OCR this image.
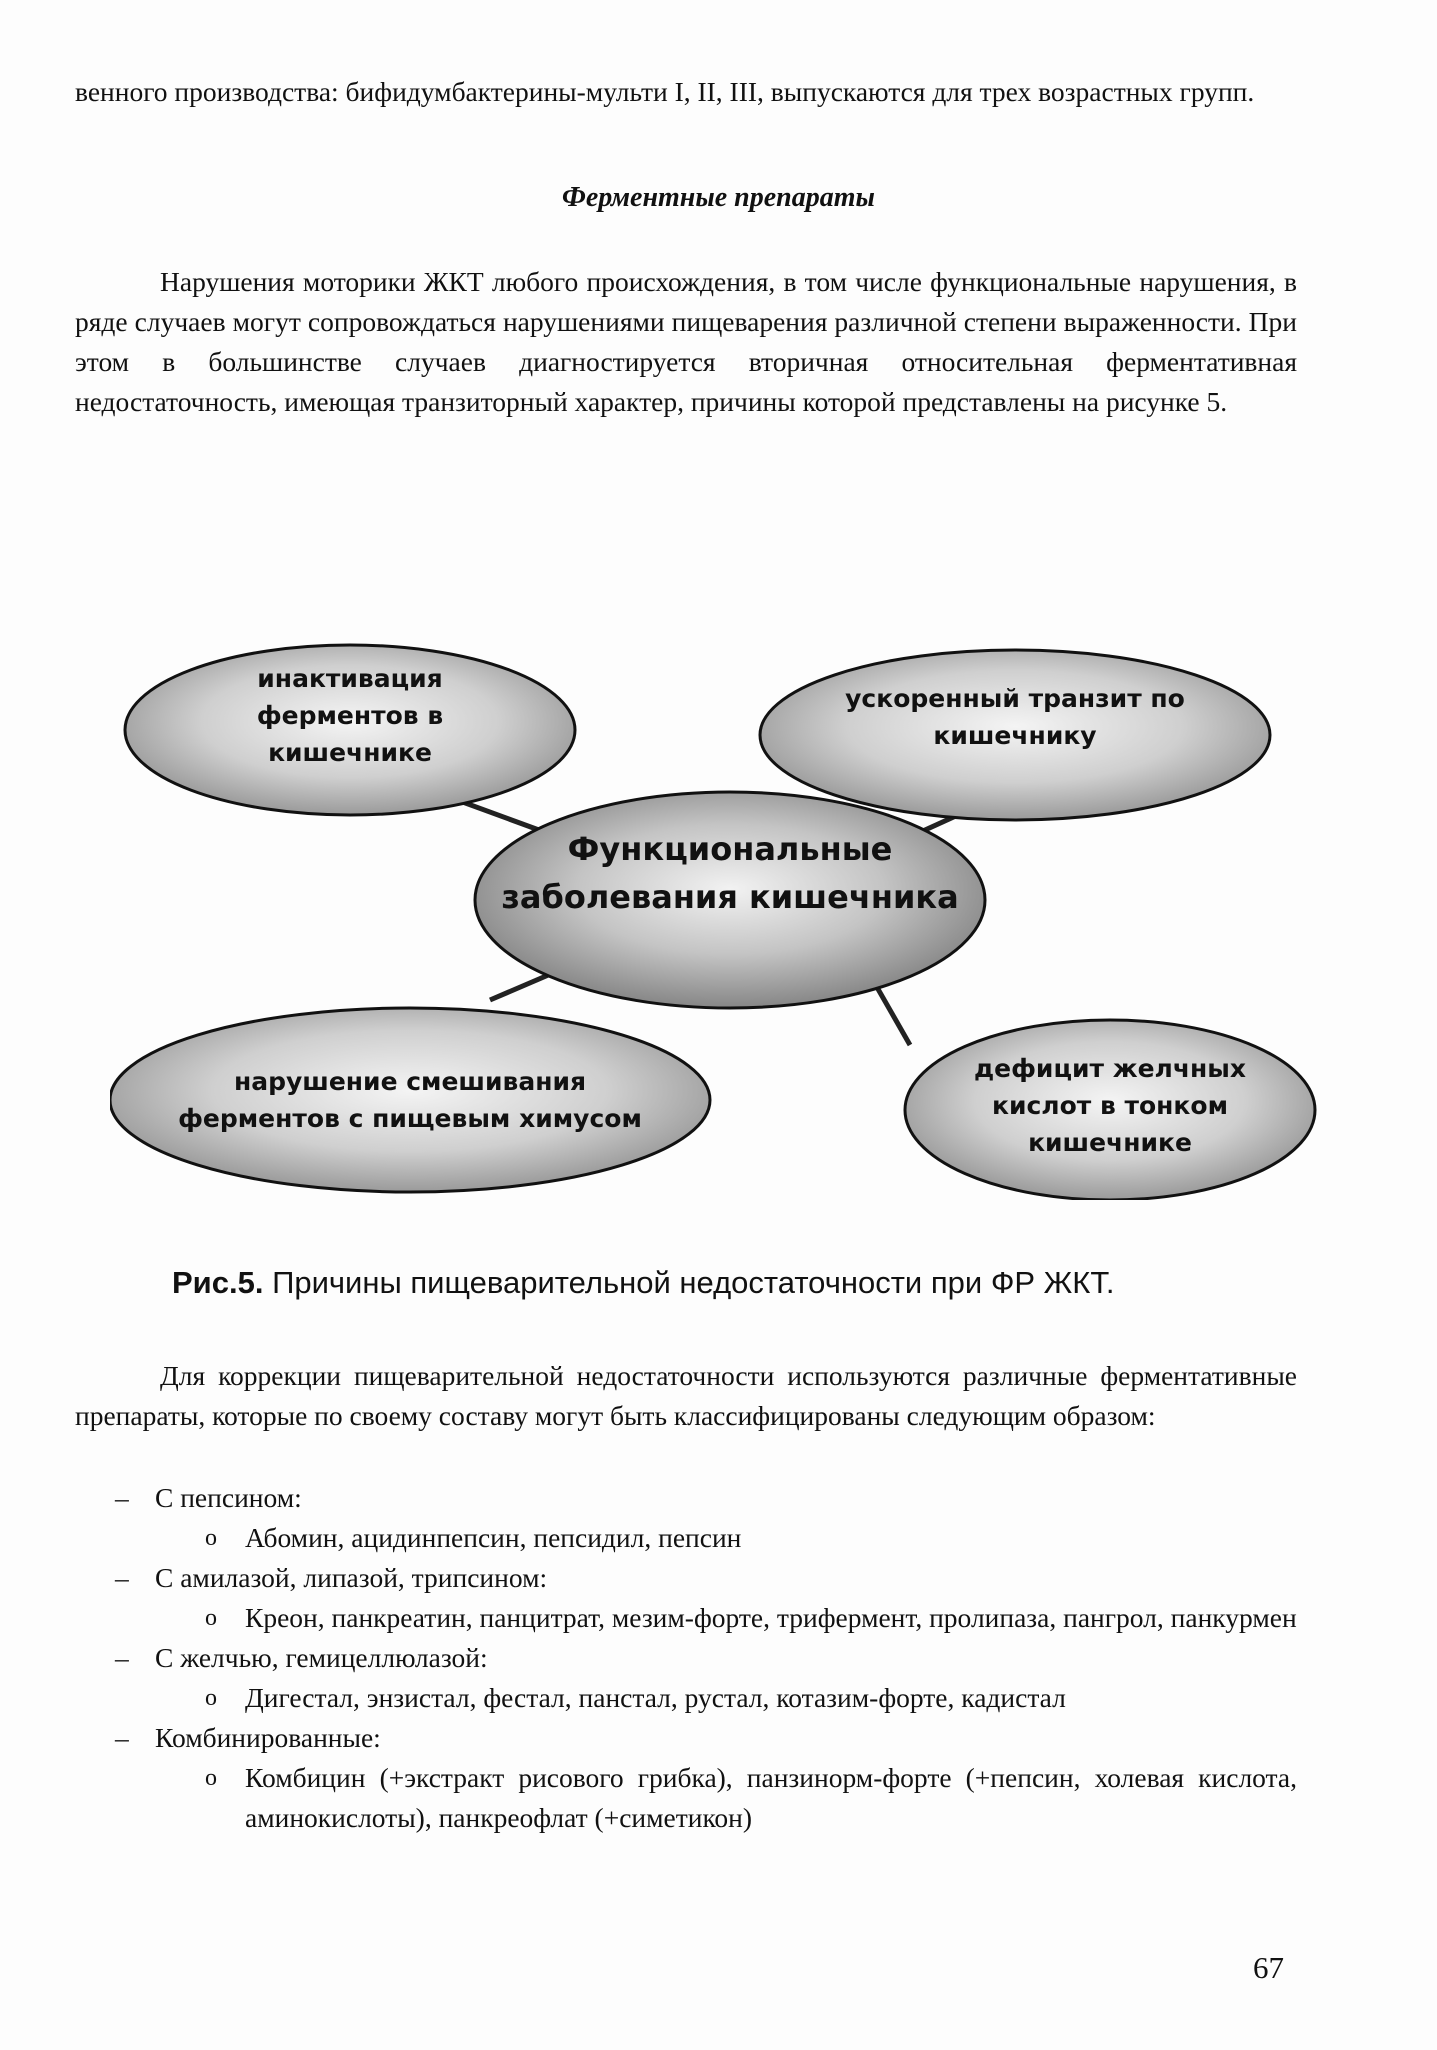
венного производства: бифидумбактерины-мульти I, II, III, выпускаются для трех возрастных групп.

Ферментные препараты

Нарушения моторики ЖКТ любого происхождения, в том числе функциональные нарушения, в ряде случаев могут сопровождаться нарушениями пищеварения различной степени выраженности. При этом в большинстве случаев диагностируется вторичная относительная ферментативная недостаточность, имеющая транзиторный характер, причины которой представлены на рисунке 5.

инактивация ферментов в кишечнике
ускоренный транзит по кишечнику
Функциональные заболевания кишечника
нарушение смешивания ферментов с пищевым химусом
дефицит желчных кислот в тонком кишечнике
Рис.5. Причины пищеварительной недостаточности при ФР ЖКТ.

Для коррекции пищеварительной недостаточности используются различные ферментативные препараты, которые по своему составу могут быть классифицированы следующим образом:

– С пепсином:
o Абомин, ацидинпепсин, пепсидил, пепсин
– С амилазой, липазой, трипсином:
o Креон, панкреатин, панцитрат, мезим-форте, трифермент, пролипаза, пангрол, панкурмен
– С желчью, гемицеллюлазой:
o Дигестал, энзистал, фестал, панстал, рустал, котазим-форте, кадистал
– Комбинированные:
o Комбицин (+экстракт рисового грибка), панзинорм-форте (+пепсин, холевая кислота, аминокислоты), панкреофлат (+симетикон)
67
